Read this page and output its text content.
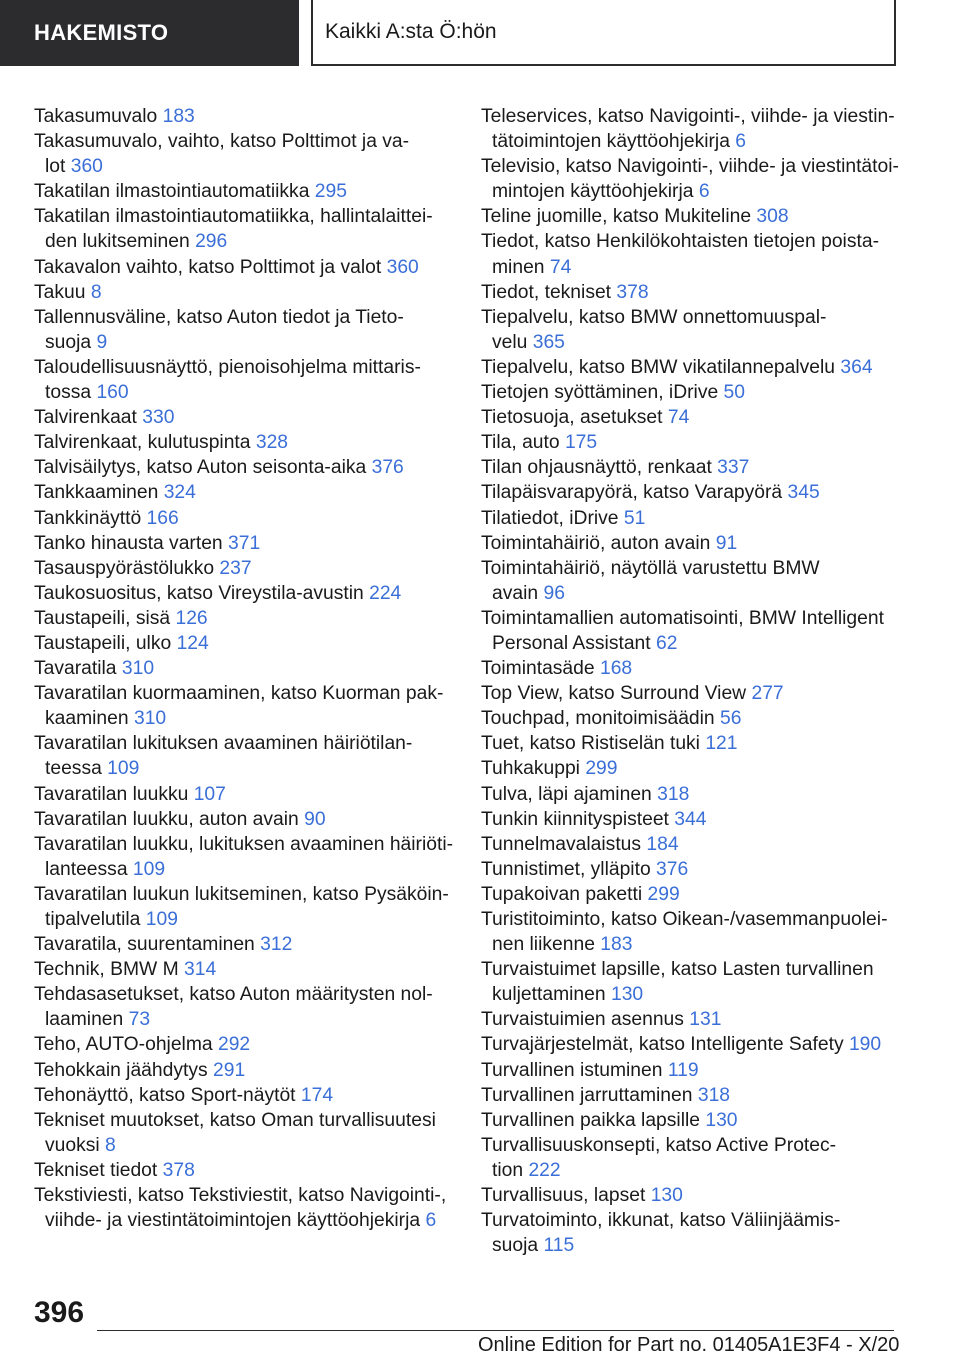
HAKEMISTO	Kaikki A:sta Ö:hön
Takasumuvalo 183
Takasumuvalo, vaihto, katso Polttimot ja va-
lot 360
Takatilan ilmastointiautomatiikka 295
Takatilan ilmastointiautomatiikka, hallintalaittei-
den lukitseminen 296
Takavalon vaihto, katso Polttimot ja valot 360
Takuu 8
Tallennusväline, katso Auton tiedot ja Tieto-
suoja 9
Taloudellisuusnäyttö, pienoisohjelma mittaris-
tossa 160
Talvirenkaat 330
Talvirenkaat, kulutuspinta 328
Talvisäilytys, katso Auton seisonta-aika 376
Tankkaaminen 324
Tankkinäyttö 166
Tanko hinausta varten 371
Tasauspyörästölukko 237
Taukosuositus, katso Vireystila-avustin 224
Taustapeili, sisä 126
Taustapeili, ulko 124
Tavaratila 310
Tavaratilan kuormaaminen, katso Kuorman pak-
kaaminen 310
Tavaratilan lukituksen avaaminen häiriötilan-
teessa 109
Tavaratilan luukku 107
Tavaratilan luukku, auton avain 90
Tavaratilan luukku, lukituksen avaaminen häiriöti-
lanteessa 109
Tavaratilan luukun lukitseminen, katso Pysäköin-
tipalvelutila 109
Tavaratila, suurentaminen 312
Technik, BMW M 314
Tehdasasetukset, katso Auton määritysten nol-
laaminen 73
Teho, AUTO-ohjelma 292
Tehokkain jäähdytys 291
Tehonäyttö, katso Sport-näytöt 174
Tekniset muutokset, katso Oman turvallisuutesi
vuoksi 8
Tekniset tiedot 378
Tekstiviesti, katso Tekstiviestit, katso Navigointi-,
viihde- ja viestintätoimintojen käyttöohjekirja 6
Teleservices, katso Navigointi-, viihde- ja viestin-
tätoimintojen käyttöohjekirja 6
Televisio, katso Navigointi-, viihde- ja viestintätoi-
mintojen käyttöohjekirja 6
Teline juomille, katso Mukiteline 308
Tiedot, katso Henkilökohtaisten tietojen poista-
minen 74
Tiedot, tekniset 378
Tiepalvelu, katso BMW onnettomuuspal-
velu 365
Tiepalvelu, katso BMW vikatilannepalvelu 364
Tietojen syöttäminen, iDrive 50
Tietosuoja, asetukset 74
Tila, auto 175
Tilan ohjausnäyttö, renkaat 337
Tilapäisvarapyörä, katso Varapyörä 345
Tilatiedot, iDrive 51
Toimintahäiriö, auton avain 91
Toimintahäiriö, näytöllä varustettu BMW
avain 96
Toimintamallien automatisointi, BMW Intelligent
Personal Assistant 62
Toimintasäde 168
Top View, katso Surround View 277
Touchpad, monitoimisäädin 56
Tuet, katso Ristiselän tuki 121
Tuhkakuppi 299
Tulva, läpi ajaminen 318
Tunkin kiinnityspisteet 344
Tunnelmavalaistus 184
Tunnistimet, ylläpito 376
Tupakoivan paketti 299
Turistitoiminto, katso Oikean-/vasemmanpuolei-
nen liikenne 183
Turvaistuimet lapsille, katso Lasten turvallinen
kuljettaminen 130
Turvaistuimien asennus 131
Turvajärjestelmät, katso Intelligente Safety 190
Turvallinen istuminen 119
Turvallinen jarruttaminen 318
Turvallinen paikka lapsille 130
Turvallisuuskonsepti, katso Active Protec-
tion 222
Turvallisuus, lapset 130
Turvatoiminto, ikkunat, katso Väliinjäämis-
suoja 115
396
Online Edition for Part no. 01405A1E3F4 - X/20
